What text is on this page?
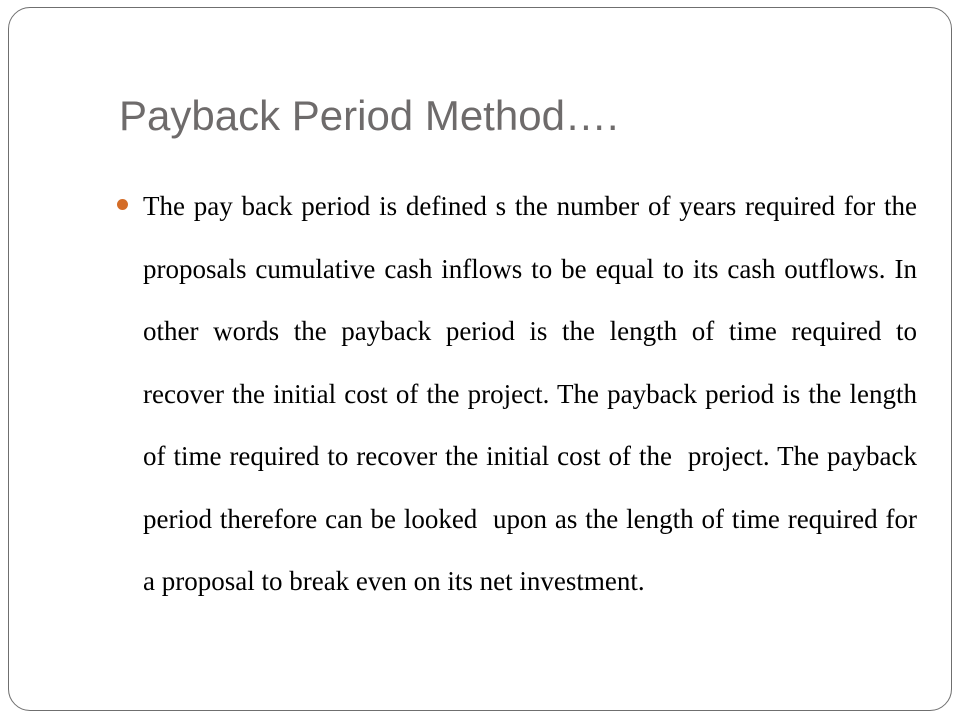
Payback Period Method….
The pay back period is defined s the number of years required for the proposals cumulative cash inflows to be equal to its cash outflows. In other words the payback period is the length of time required to recover the initial cost of the project. The payback period is the length of time required to recover the initial cost of the  project. The payback period therefore can be looked  upon as the length of time required for a proposal to break even on its net investment.
